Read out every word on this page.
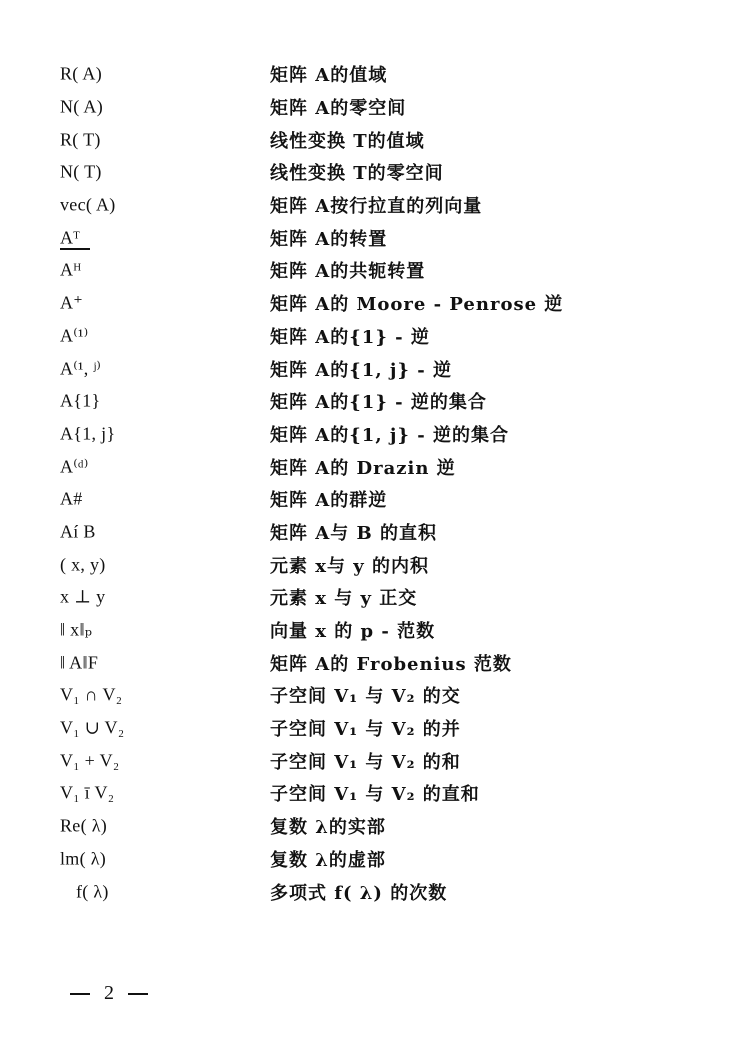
R( A)	矩阵 A的值域
N( A)	矩阵 A的零空间
R( T)	线性变换 T的值域
N( T)	线性变换 T的零空间
vec( A)	矩阵 A按行拉直的列向量
Aᵀ	矩阵 A的转置
Aᴴ	矩阵 A的共轭转置
A⁺	矩阵 A的 Moore - Penrose 逆
A⁽¹⁾	矩阵 A的{1} - 逆
A⁽¹, ʲ⁾	矩阵 A的{1, j} - 逆
A{1}	矩阵 A的{1} - 逆的集合
A{1, j}	矩阵 A的{1, j} - 逆的集合
A⁽ᵈ⁾	矩阵 A的 Drazin 逆
A#	矩阵 A的群逆
Aí B	矩阵 A与 B 的直积
( x, y)	元素 x与 y 的内积
x ⊥ y	元素 x 与 y 正交
‖ x‖ₚ	向量 x 的 p - 范数
‖ A‖F	矩阵 A的 Frobenius 范数
V₁ ∩ V₂	子空间 V₁ 与 V₂ 的交
V₁ ∪ V₂	子空间 V₁ 与 V₂ 的并
V₁ + V₂	子空间 V₁ 与 V₂ 的和
V₁ ī V₂	子空间 V₁ 与 V₂ 的直和
Re( λ)	复数 λ的实部
lm( λ)	复数 λ的虚部
f( λ)	多项式 f( λ) 的次数
2
